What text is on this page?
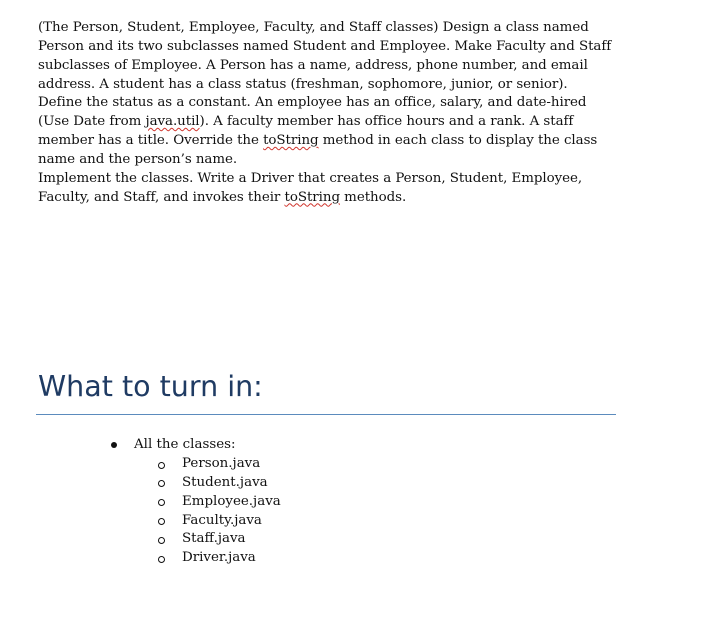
(The Person, Student, Employee, Faculty, and Staff classes) Design a class named
Person and its two subclasses named Student and Employee. Make Faculty and Staff
subclasses of Employee. A Person has a name, address, phone number, and email
address. A student has a class status (freshman, sophomore, junior, or senior).
Define the status as a constant. An employee has an office, salary, and date-hired
(Use Date from java.util). A faculty member has office hours and a rank. A staff
member has a title. Override the toString method in each class to display the class
name and the person’s name.
Implement the classes. Write a Driver that creates a Person, Student, Employee,
Faculty, and Staff, and invokes their toString methods.
What to turn in:
All the classes:
Person.java
Student.java
Employee.java
Faculty.java
Staff.java
Driver.java
